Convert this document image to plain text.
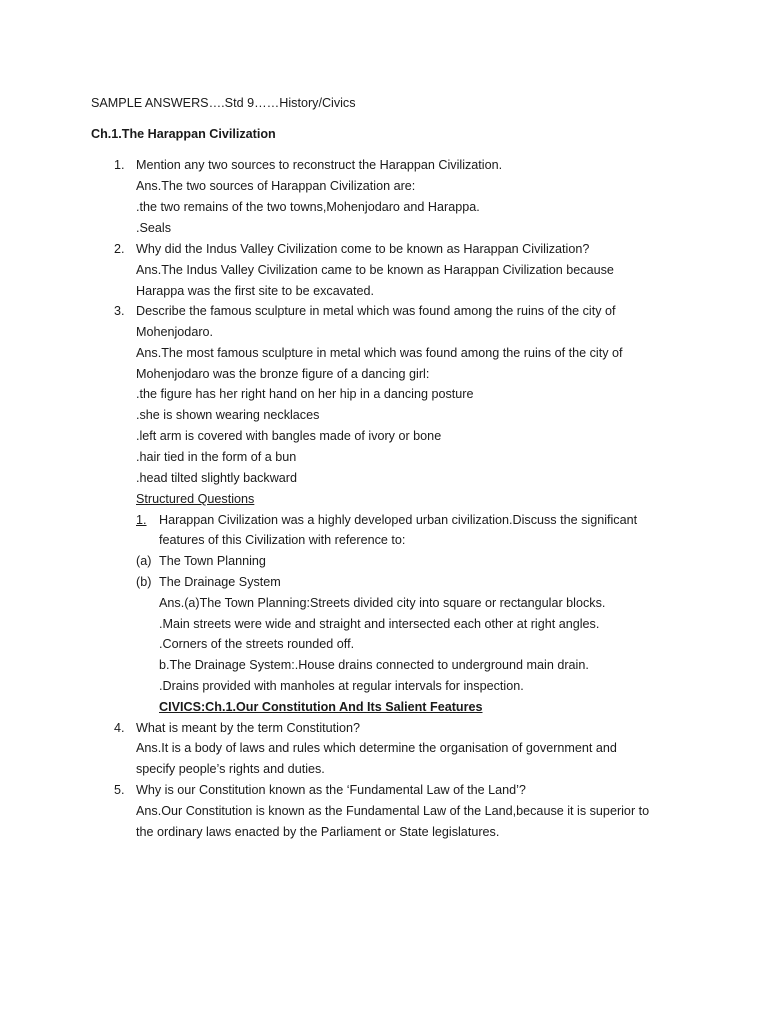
SAMPLE ANSWERS….Std 9……History/Civics
Ch.1.The Harappan Civilization
1. Mention any two sources to reconstruct the Harappan Civilization.
Ans.The two sources of Harappan Civilization are:
.the two remains of the two towns,Mohenjodaro and Harappa.
.Seals
2. Why did the Indus Valley Civilization come to be known as Harappan Civilization?
Ans.The Indus Valley Civilization came to be known as Harappan Civilization because
Harappa was the first site to be excavated.
3. Describe the famous sculpture in metal which was found among the ruins of the city of
Mohenjodaro.
Ans.The most famous sculpture in metal which was found among the ruins of the city of
Mohenjodaro was the bronze figure of a dancing girl:
.the figure has her right hand on her hip in a dancing posture
.she is shown wearing necklaces
.left arm is covered with bangles made of ivory or bone
.hair tied in the form of a bun
.head tilted slightly backward
Structured Questions
1. Harappan Civilization was a highly developed urban civilization.Discuss the significant
features of this Civilization with reference to:
(a) The Town Planning
(b) The Drainage System
Ans.(a)The Town Planning:Streets divided city into square or rectangular blocks.
.Main streets were wide and straight and intersected each other at right angles.
.Corners of the streets rounded off.
b.The Drainage System:.House drains connected to underground main drain.
.Drains provided with manholes at regular intervals for inspection.
CIVICS:Ch.1.Our Constitution And Its Salient Features
4. What is meant by the term Constitution?
Ans.It is a body of laws and rules which determine the organisation of government and
specify people’s rights and duties.
5. Why is our Constitution known as the ‘Fundamental Law of the Land’?
Ans.Our Constitution is known as the Fundamental Law of the Land,because it is superior to
the ordinary laws enacted by the Parliament or State legislatures.
